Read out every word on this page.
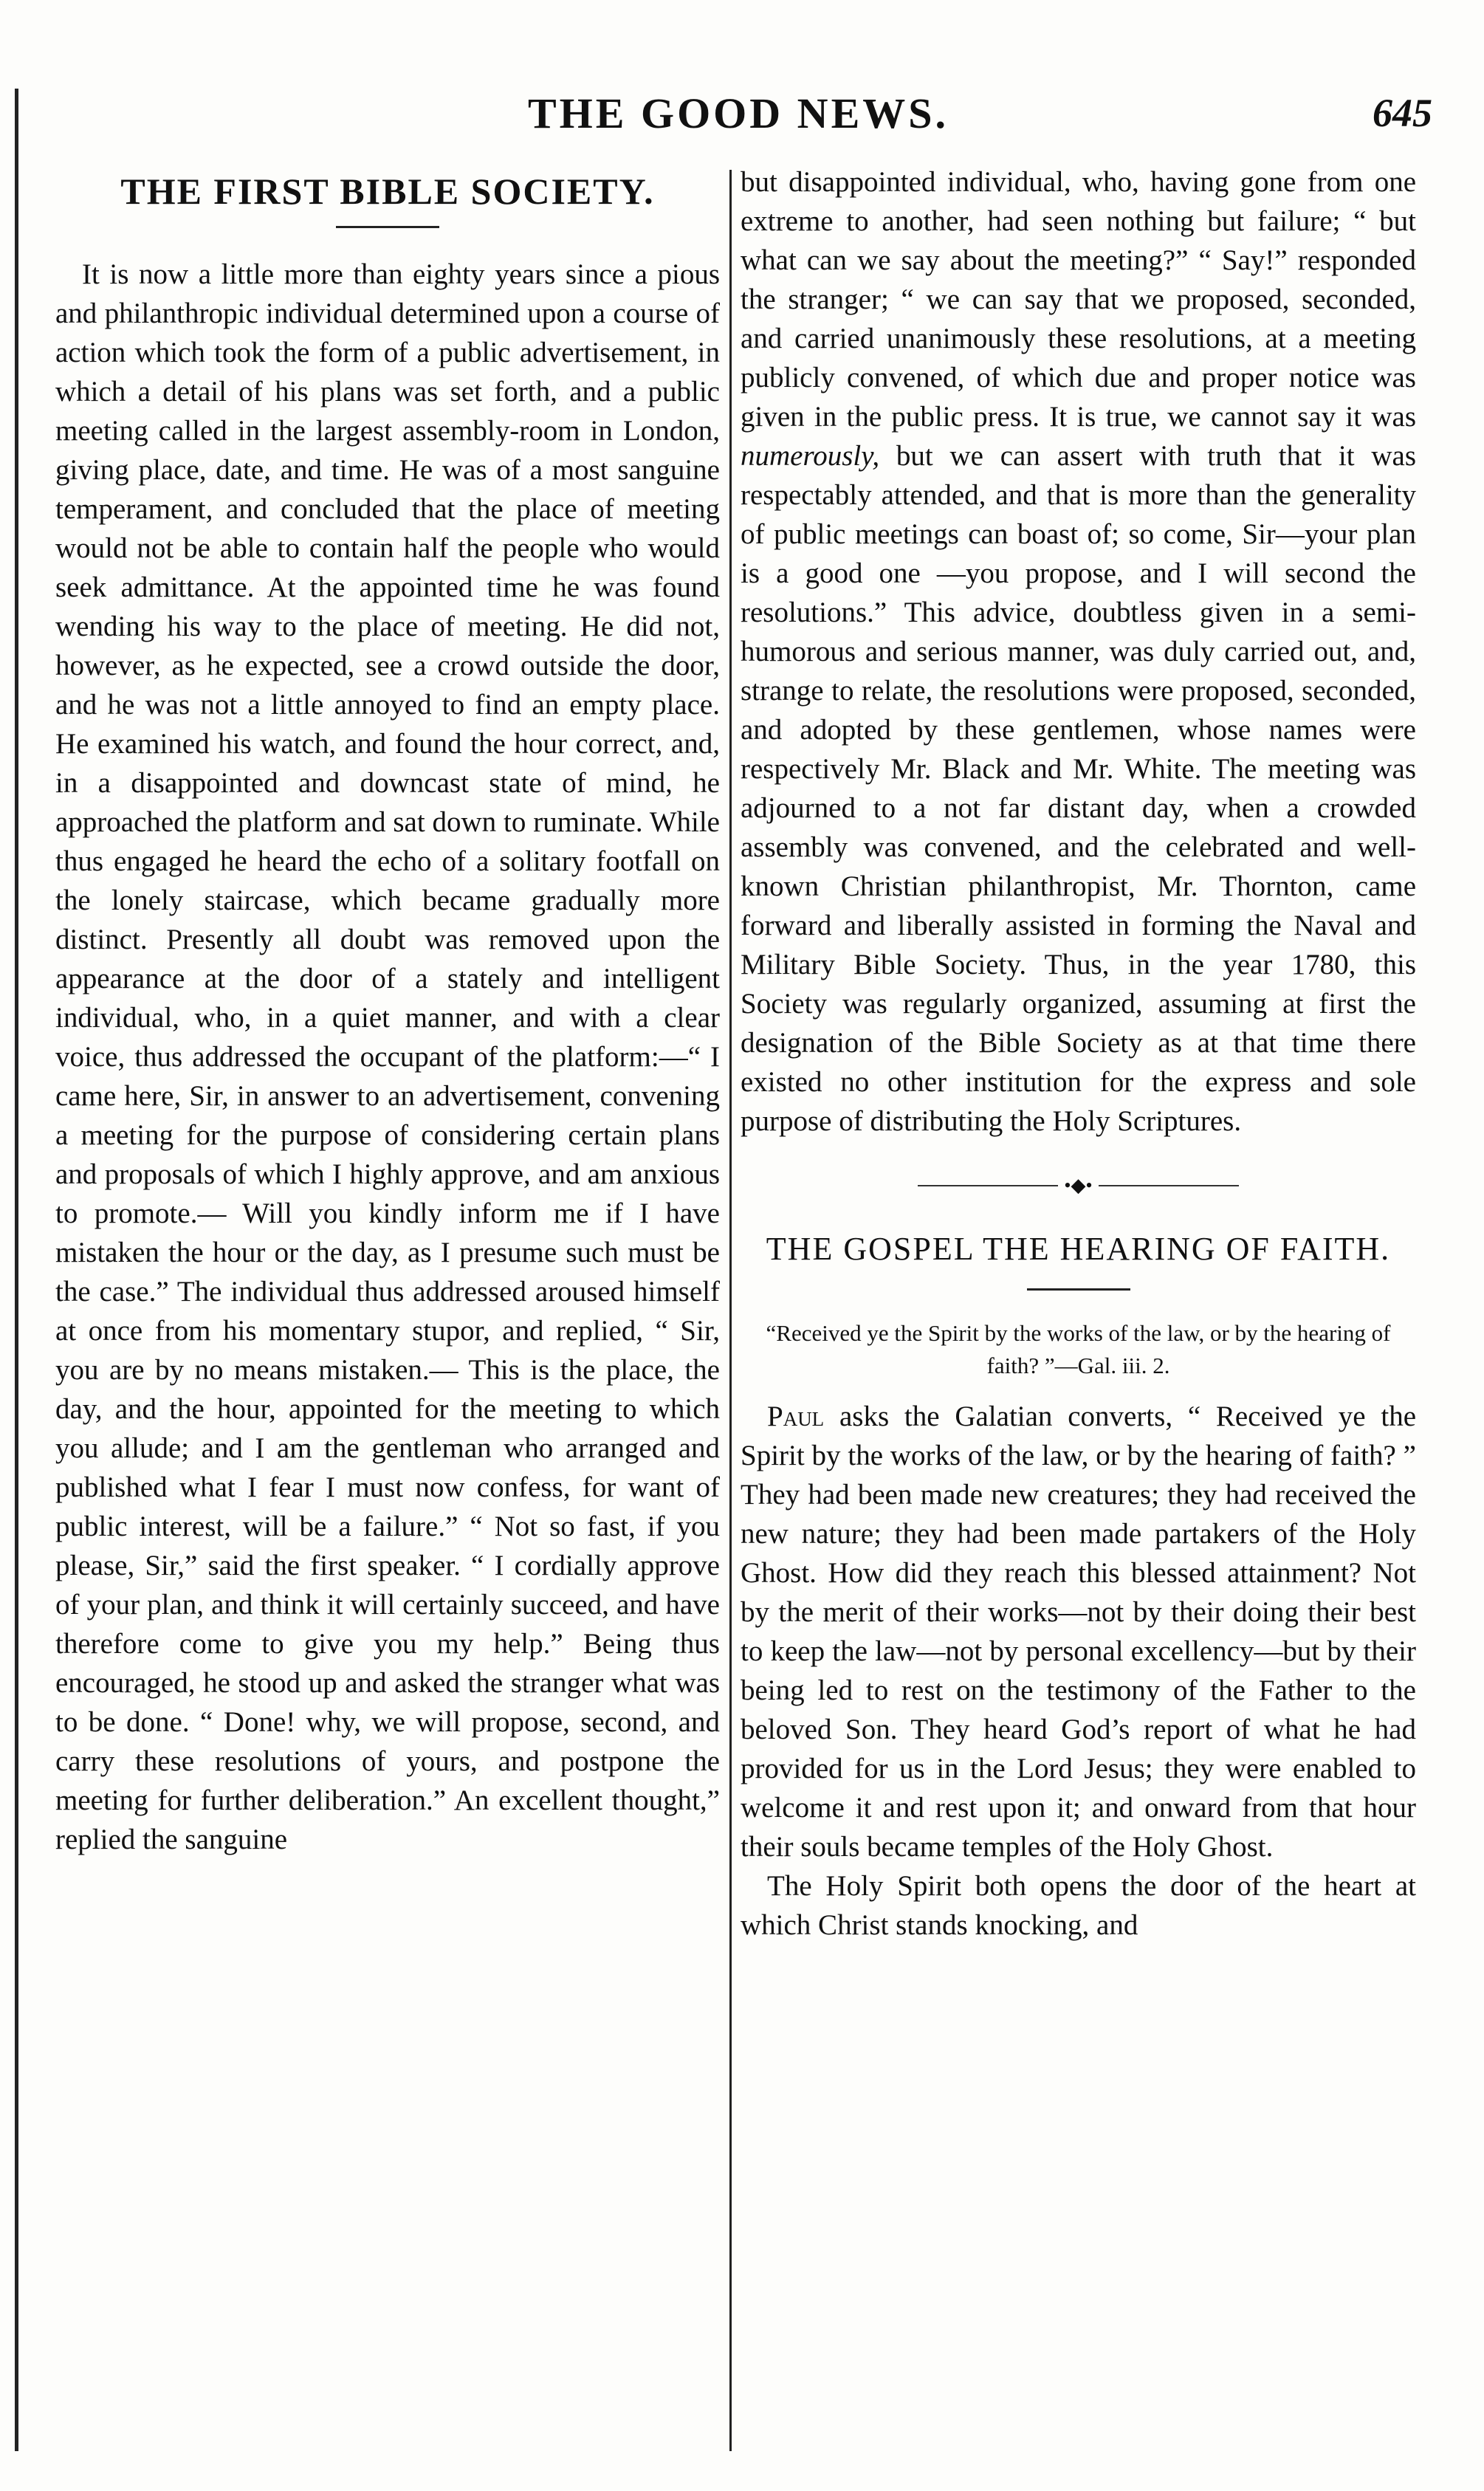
THE GOOD NEWS.	645
THE FIRST BIBLE SOCIETY.

It is now a little more than eighty years since a pious and philanthropic individual determined upon a course of action which took the form of a public advertisement, in which a detail of his plans was set forth, and a public meeting called in the largest assembly-room in London, giving place, date, and time. He was of a most sanguine temperament, and concluded that the place of meeting would not be able to contain half the people who would seek admittance. At the appointed time he was found wending his way to the place of meeting. He did not, however, as he expected, see a crowd outside the door, and he was not a little annoyed to find an empty place. He examined his watch, and found the hour correct, and, in a disappointed and downcast state of mind, he approached the platform and sat down to ruminate. While thus engaged he heard the echo of a solitary footfall on the lonely staircase, which became gradually more distinct. Presently all doubt was removed upon the appearance at the door of a stately and intelligent individual, who, in a quiet manner, and with a clear voice, thus addressed the occupant of the platform:—“ I came here, Sir, in answer to an advertisement, convening a meeting for the purpose of considering certain plans and proposals of which I highly approve, and am anxious to promote.— Will you kindly inform me if I have mistaken the hour or the day, as I presume such must be the case.” The individual thus addressed aroused himself at once from his momentary stupor, and replied, “ Sir, you are by no means mistaken.— This is the place, the day, and the hour, appointed for the meeting to which you allude; and I am the gentleman who arranged and published what I fear I must now confess, for want of public interest, will be a failure.” “ Not so fast, if you please, Sir,” said the first speaker. “ I cordially approve of your plan, and think it will certainly succeed, and have therefore come to give you my help.” Being thus encouraged, he stood up and asked the stranger what was to be done. “ Done! why, we will propose, second, and carry these resolutions of yours, and postpone the meeting for further deliberation.” An excellent thought,” replied the sanguine

but disappointed individual, who, having gone from one extreme to another, had seen nothing but failure; “ but what can we say about the meeting?” “ Say!” responded the stranger; “ we can say that we proposed, seconded, and carried unanimously these resolutions, at a meeting publicly convened, of which due and proper notice was given in the public press. It is true, we cannot say it was numerously, but we can assert with truth that it was respectably attended, and that is more than the generality of public meetings can boast of; so come, Sir—your plan is a good one —you propose, and I will second the resolutions.” This advice, doubtless given in a semi-humorous and serious manner, was duly carried out, and, strange to relate, the resolutions were proposed, seconded, and adopted by these gentlemen, whose names were respectively Mr. Black and Mr. White. The meeting was adjourned to a not far distant day, when a crowded assembly was convened, and the celebrated and well-known Christian philanthropist, Mr. Thornton, came forward and liberally assisted in forming the Naval and Military Bible Society. Thus, in the year 1780, this Society was regularly organized, assuming at first the designation of the Bible Society as at that time there existed no other institution for the express and sole purpose of distributing the Holy Scriptures.

•◆•
THE GOSPEL THE HEARING OF FAITH.

“Received ye the Spirit by the works of the law, or by the hearing of faith? ”—Gal. iii. 2.

Paul asks the Galatian converts, “ Received ye the Spirit by the works of the law, or by the hearing of faith? ” They had been made new creatures; they had received the new nature; they had been made partakers of the Holy Ghost. How did they reach this blessed attainment? Not by the merit of their works—not by their doing their best to keep the law—not by personal excellency—but by their being led to rest on the testimony of the Father to the beloved Son. They heard God’s report of what he had provided for us in the Lord Jesus; they were enabled to welcome it and rest upon it; and onward from that hour their souls became temples of the Holy Ghost.

The Holy Spirit both opens the door of the heart at which Christ stands knocking, and
